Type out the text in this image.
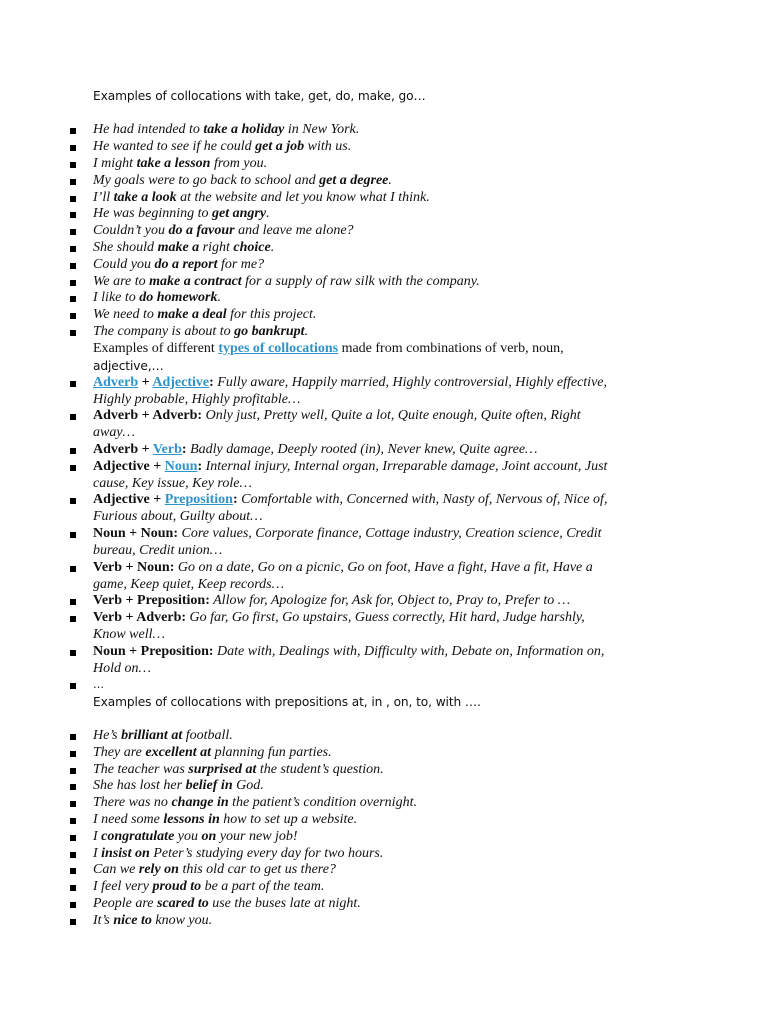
Examples of collocations with take, get, do, make, go…
He had intended to take a holiday in New York.
He wanted to see if he could get a job with us.
I might take a lesson from you.
My goals were to go back to school and get a degree.
I’ll take a look at the website and let you know what I think.
He was beginning to get angry.
Couldn’t you do a favour and leave me alone?
She should make a right choice.
Could you do a report for me?
We are to make a contract for a supply of raw silk with the company.
I like to do homework.
We need to make a deal for this project.
The company is about to go bankrupt.
Examples of different types of collocations made from combinations of verb, noun,
adjective,…
Adverb + Adjective: Fully aware, Happily married, Highly controversial, Highly effective,
Highly probable, Highly profitable…
Adverb + Adverb: Only just, Pretty well, Quite a lot, Quite enough, Quite often, Right
away…
Adverb + Verb: Badly damage, Deeply rooted (in), Never knew, Quite agree…
Adjective + Noun: Internal injury, Internal organ, Irreparable damage, Joint account, Just
cause, Key issue, Key role…
Adjective + Preposition: Comfortable with, Concerned with, Nasty of, Nervous of, Nice of,
Furious about, Guilty about…
Noun + Noun: Core values, Corporate finance, Cottage industry, Creation science, Credit
bureau, Credit union…
Verb + Noun: Go on a date, Go on a picnic, Go on foot, Have a fight, Have a fit, Have a
game, Keep quiet, Keep records…
Verb + Preposition: Allow for, Apologize for, Ask for, Object to, Pray to, Prefer to …
Verb + Adverb: Go far, Go first, Go upstairs, Guess correctly, Hit hard, Judge harshly,
Know well…
Noun + Preposition: Date with, Dealings with, Difficulty with, Debate on, Information on,
Hold on…
…
Examples of collocations with prepositions at, in , on, to, with ….
He’s brilliant at football.
They are excellent at planning fun parties.
The teacher was surprised at the student’s question.
She has lost her belief in God.
There was no change in the patient’s condition overnight.
I need some lessons in how to set up a website.
I congratulate you on your new job!
I insist on Peter’s studying every day for two hours.
Can we rely on this old car to get us there?
I feel very proud to be a part of the team.
People are scared to use the buses late at night.
It’s nice to know you.
